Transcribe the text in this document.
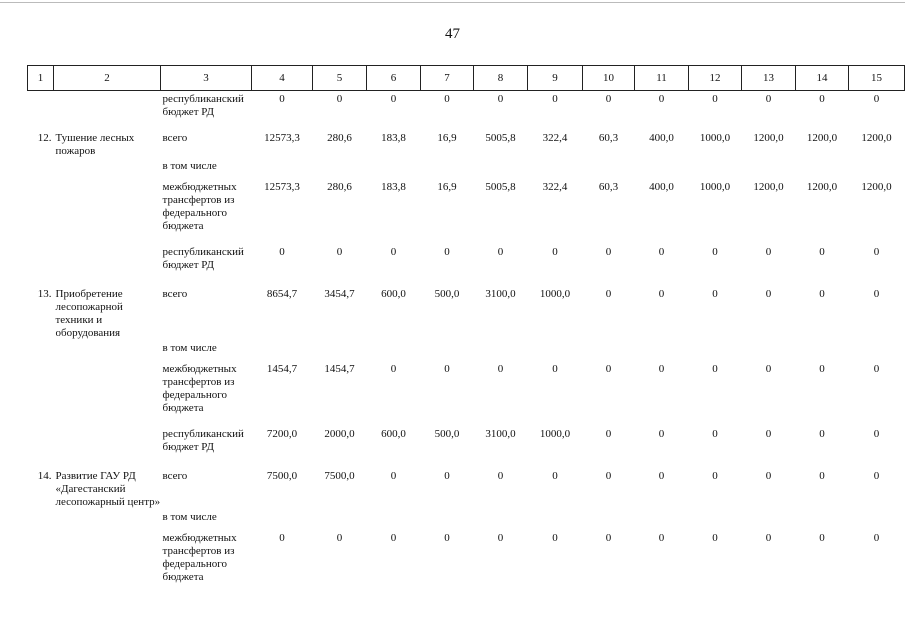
47
1	2	3	4	5	6	7	8	9	10	11	12	13	14	15
		республиканский бюджет РД	0	0	0	0	0	0	0	0	0	0	0	0
12.	Тушение лесных пожаров	всего	12573,3	280,6	183,8	16,9	5005,8	322,4	60,3	400,0	1000,0	1200,0	1200,0	1200,0
		в том числе												
		межбюджетных трансфертов из федерального бюджета	12573,3	280,6	183,8	16,9	5005,8	322,4	60,3	400,0	1000,0	1200,0	1200,0	1200,0
		республиканский бюджет РД	0	0	0	0	0	0	0	0	0	0	0	0
13.	Приобретение лесопожарной техники и оборудования	всего	8654,7	3454,7	600,0	500,0	3100,0	1000,0	0	0	0	0	0	0
		в том числе												
		межбюджетных трансфертов из федерального бюджета	1454,7	1454,7	0	0	0	0	0	0	0	0	0	0
		республиканский бюджет РД	7200,0	2000,0	600,0	500,0	3100,0	1000,0	0	0	0	0	0	0
14.	Развитие ГАУ РД «Дагестанский лесопожарный центр»	всего	7500,0	7500,0	0	0	0	0	0	0	0	0	0	0
		в том числе												
		межбюджетных трансфертов из федерального бюджета	0	0	0	0	0	0	0	0	0	0	0	0
